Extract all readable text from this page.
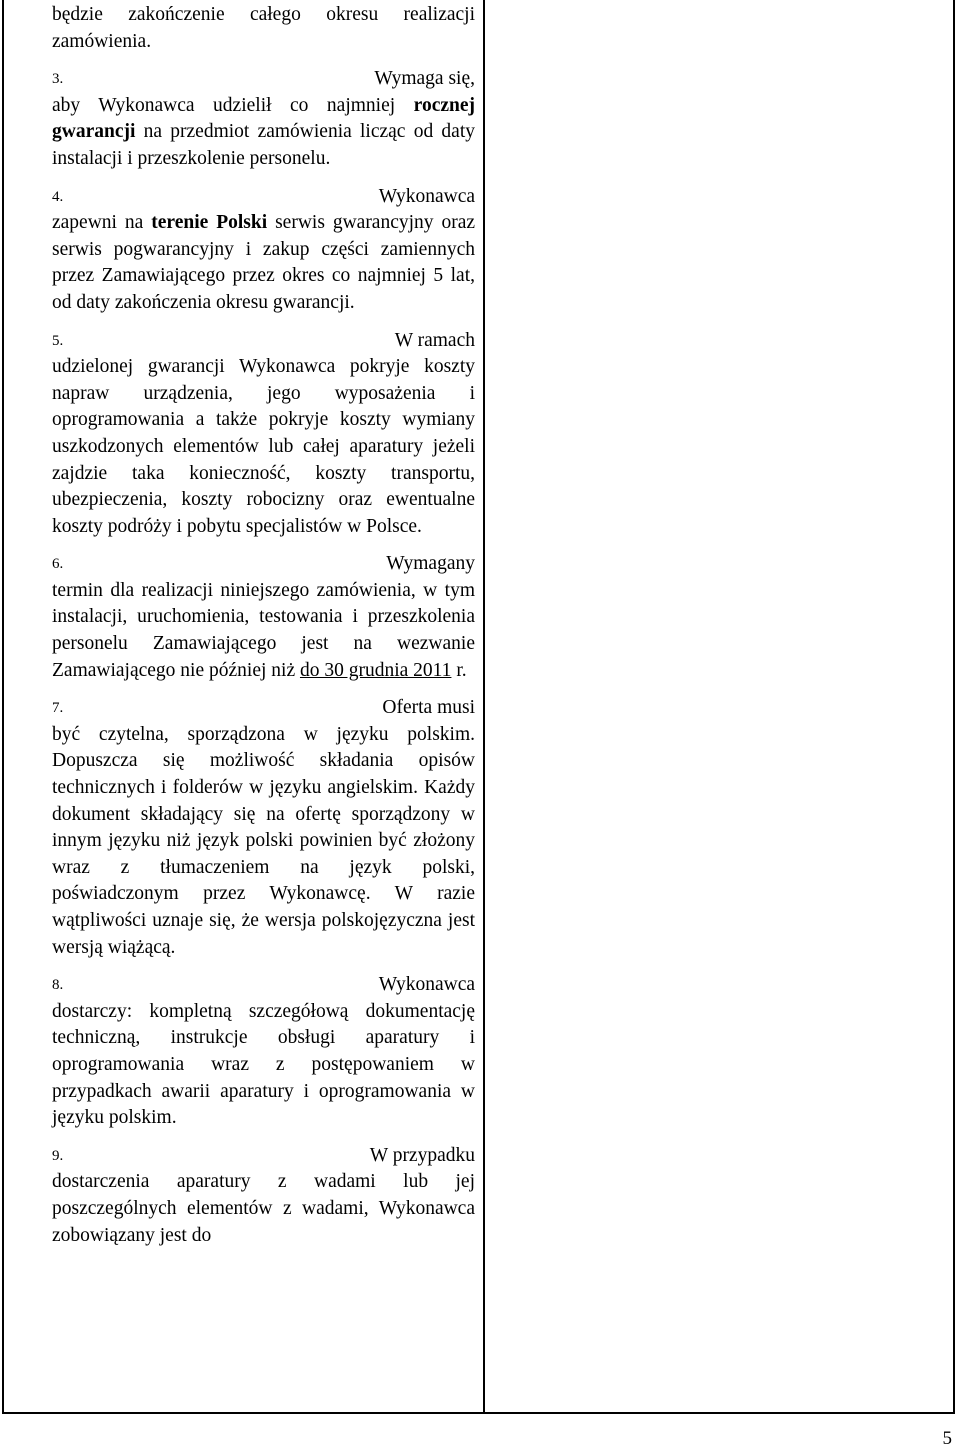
będzie zakończenie całego okresu realizacji zamówienia.

3.	Wymaga się,
aby Wykonawca udzielił co najmniej rocznej gwarancji na przedmiot zamówienia licząc od daty instalacji i przeszkolenie personelu.

4.	Wykonawca
zapewni na terenie Polski serwis gwarancyjny oraz serwis pogwarancyjny i zakup części zamiennych przez Zamawiającego przez okres co najmniej 5 lat, od daty zakończenia okresu gwarancji.

5.	W ramach
udzielonej gwarancji Wykonawca pokryje koszty napraw urządzenia, jego wyposażenia i oprogramowania a także pokryje koszty wymiany uszkodzonych elementów lub całej aparatury jeżeli zajdzie taka konieczność, koszty transportu, ubezpieczenia, koszty robocizny oraz ewentualne koszty podróży i pobytu specjalistów w Polsce.

6.	Wymagany
termin dla realizacji niniejszego zamówienia, w tym instalacji, uruchomienia, testowania i przeszkolenia personelu Zamawiającego jest na wezwanie Zamawiającego nie później niż do 30 grudnia 2011 r.

7.	Oferta musi
być czytelna, sporządzona w języku polskim. Dopuszcza się możliwość składania opisów technicznych i folderów w języku angielskim. Każdy dokument składający się na ofertę sporządzony w innym języku niż język polski powinien być złożony wraz z tłumaczeniem na język polski, poświadczonym przez Wykonawcę. W razie wątpliwości uznaje się, że wersja polskojęzyczna jest wersją wiążącą.

8.	Wykonawca
dostarczy: kompletną szczegółową dokumentację techniczną, instrukcje obsługi aparatury i oprogramowania wraz z postępowaniem w przypadkach awarii aparatury i oprogramowania w języku polskim.

9.	W przypadku
dostarczenia aparatury z wadami lub jej poszczególnych elementów z wadami, Wykonawca zobowiązany jest do

5
